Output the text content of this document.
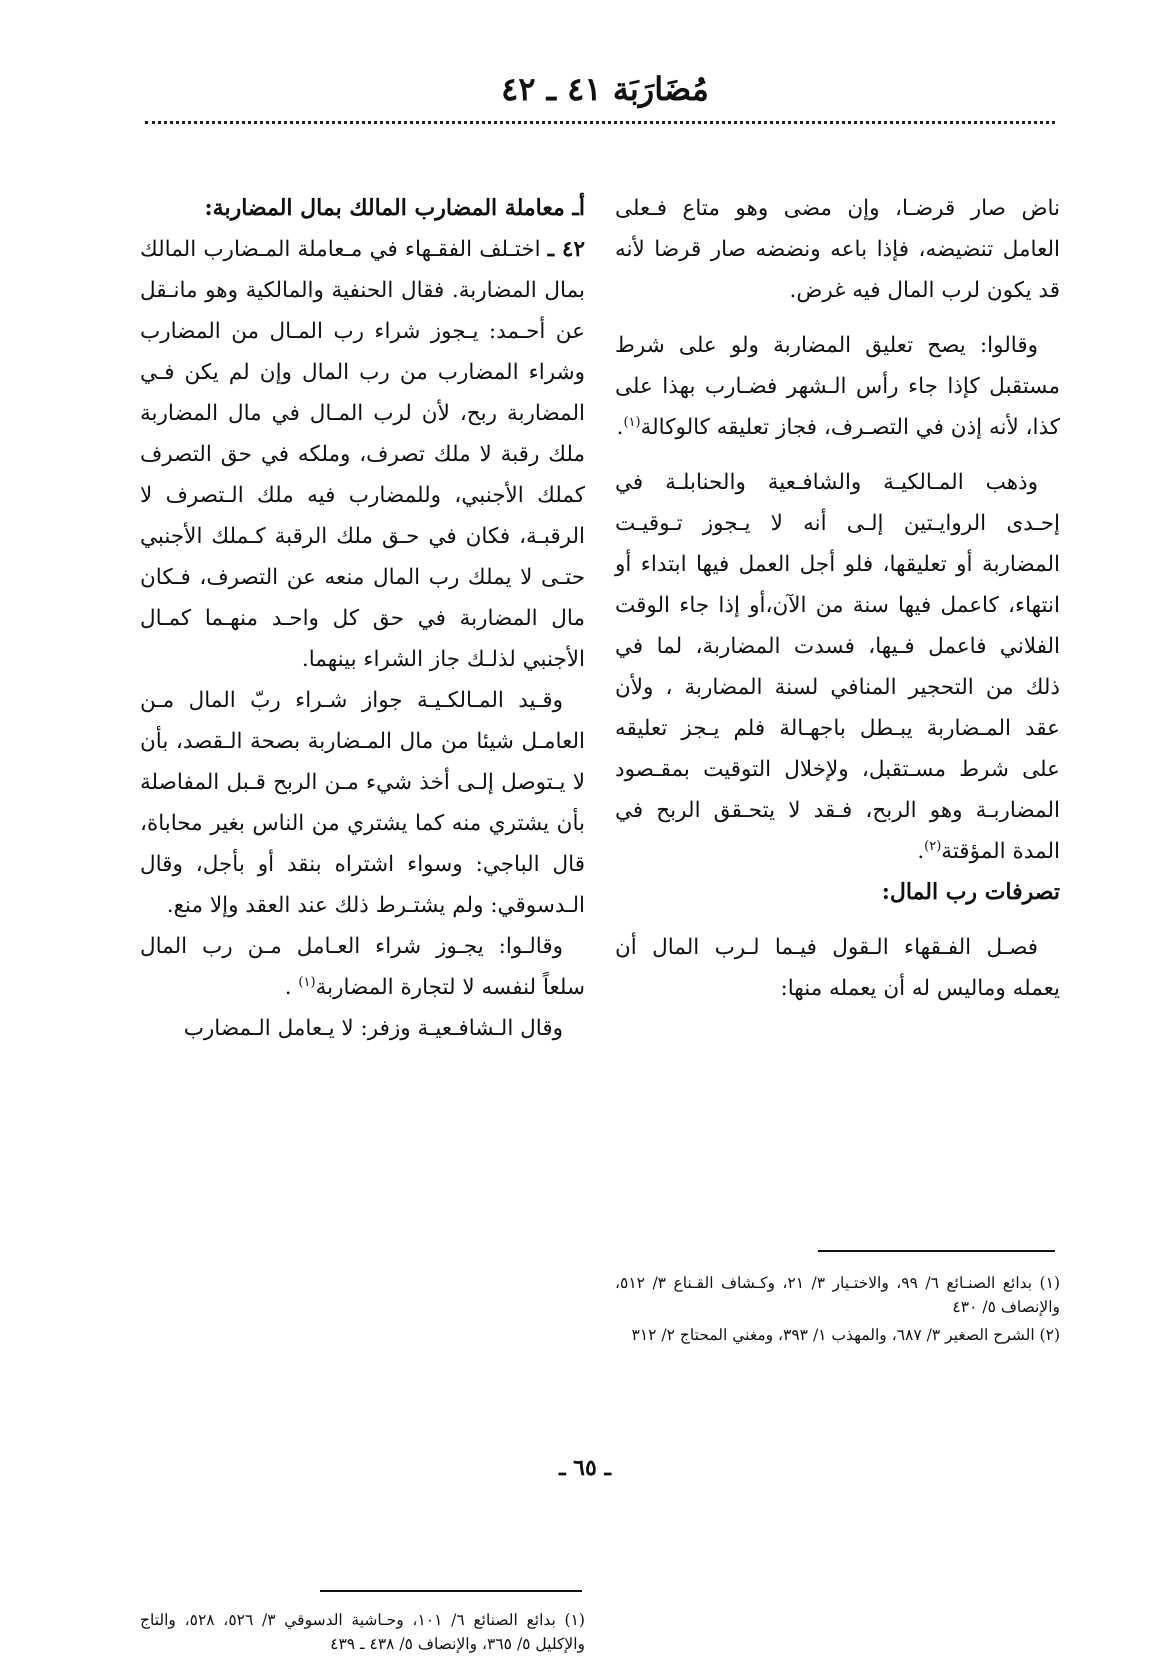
مُضَارَبَة ٤١ ـ ٤٢

ناض صار قرضـا، وإن مضى وهو متاع فـعلى العامل تنضيضه، فإذا باعه ونضضه صار قرضا لأنه قد يكون لرب المال فيه غرض.

وقالوا: يصح تعليق المضاربة ولو على شرط مستقبل كإذا جاء رأس الـشهر فضـارب بهذا على كذا، لأنه إذن في التصـرف، فجاز تعليقه كالوكالة$^{(١)}$.

وذهب المـالكيـة والشافـعية والحنابلـة في إحـدى الروايـتين إلـى أنه لا يـجوز تـوقيـت المضاربة أو تعليقها، فلو أجل العمل فيها ابتداء أو انتهاء، كاعمل فيها سنة من الآن،أو إذا جاء الوقت الفلاني فاعمل فـيها، فسدت المضاربة، لما في ذلك من التحجير المنافي لسنة المضاربة ، ولأن عقد المـضاربة يبـطل باجهـالة فلم يـجز تعليقه على شرط مسـتقبل، ولإخلال التوقيت بمقـصود المضاربـة وهو الربح، فـقد لا يتحـقق الربح في المدة المؤقتة$^{(٢)}$.

تصرفات رب المال:

فصـل الفـقهاء الـقول فيـما لـرب المال أن يعمله وماليس له أن يعمله منها:

أـ معاملة المضارب المالك بمال المضاربة:

٤٢ ـ اختـلف الفقـهاء في مـعاملة المـضارب المالك بمال المضاربة. فقال الحنفية والمالكية وهو مانـقل عن أحـمد: يـجوز شراء رب المـال من المضارب وشراء المضارب من رب المال وإن لم يكن فـي المضاربة ربح، لأن لرب المـال في مال المضاربة ملك رقبة لا ملك تصرف، وملكه في حق التصرف كملك الأجنبي، وللمضارب فيه ملك الـتصرف لا الرقبـة، فكان في حـق ملك الرقبة كـملك الأجنبي حتـى لا يملك رب المال منعه عن التصرف، فـكان مال المضاربة في حق كل واحـد منهـما كمـال الأجنبي لذلـك جاز الشراء بينهما.

وقـيد المـالكـيـة جواز شـراء ربّ المال مـن العامـل شيئا من مال المـضاربة بصحة الـقصد، بأن لا يـتوصل إلـى أخذ شيء مـن الربح قـبل المفاصلة بأن يشتري منه كما يشتري من الناس بغير محاباة، قال الباجي: وسواء اشتراه بنقد أو بأجل، وقال الـدسوقي: ولم يشتـرط ذلك عند العقد وإلا منع.

وقالـوا: يجـوز شراء العـامل مـن رب المال سلعاً لنفسه لا لتجارة المضاربة$^{(١)}$ .

وقال الـشافـعيـة وزفر: لا يـعامل الـمضارب

(١) بدائع الصنـائع ٦/ ٩٩، والاختـيار ٣/ ٢١، وكـشاف القـناع ٣/ ٥١٢، والإنصاف ٥/ ٤٣٠

(٢) الشرح الصغير ٣/ ٦٨٧، والمهذب ١/ ٣٩٣، ومغني المحتاج ٢/ ٣١٢

(١) بدائع الصنائع ٦/ ١٠١، وحـاشية الدسوقي ٣/ ٥٢٦، ٥٢٨، والتاج والإكليل ٥/ ٣٦٥، والإنصاف ٥/ ٤٣٨ ـ ٤٣٩

ـ ٦٥ ـ
